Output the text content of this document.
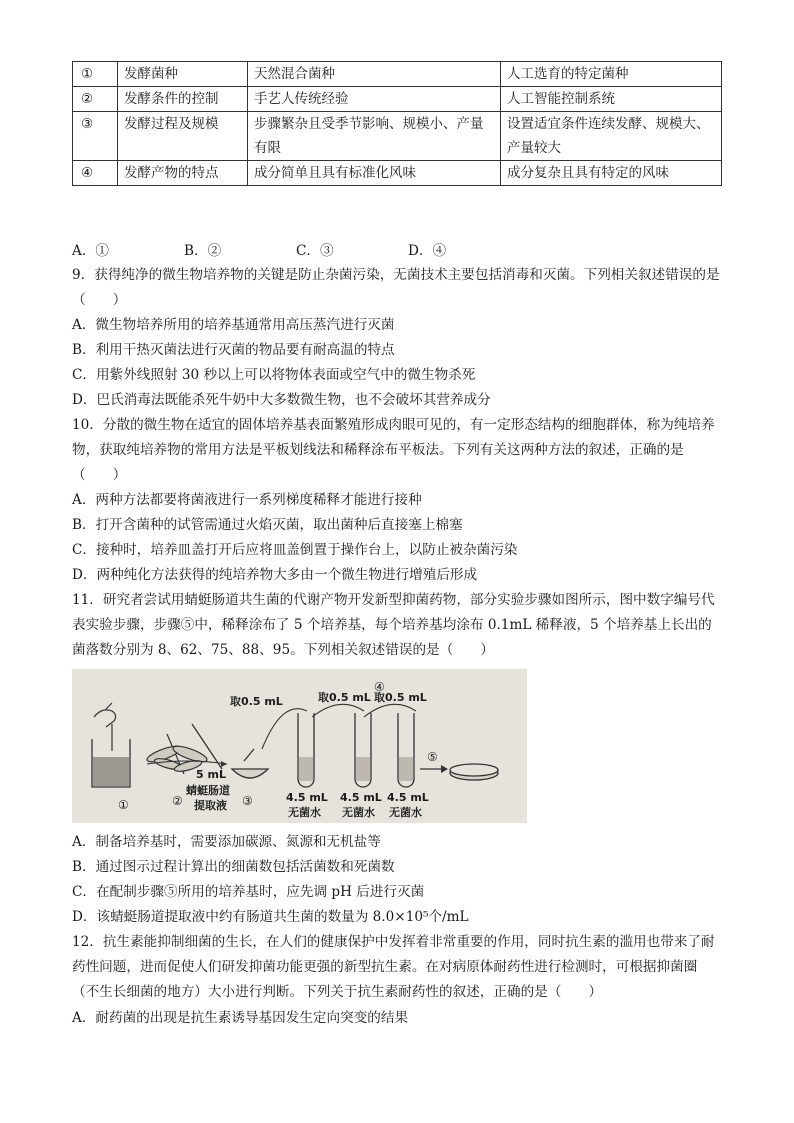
①	发酵菌种	天然混合菌种	人工选育的特定菌种
②	发酵条件的控制	手艺人传统经验	人工智能控制系统
③	发酵过程及规模	步骤繁杂且受季节影响、规模小、产量有限	设置适宜条件连续发酵、规模大、产量较大
④	发酵产物的特点	成分简单且具有标准化风味	成分复杂且具有特定的风味
A．①	B．②	C．③	D．④
9．获得纯净的微生物培养物的关键是防止杂菌污染，无菌技术主要包括消毒和灭菌。下列相关叙述错误的是（　　）
A．微生物培养所用的培养基通常用高压蒸汽进行灭菌
B．利用干热灭菌法进行灭菌的物品要有耐高温的特点
C．用紫外线照射 30 秒以上可以将物体表面或空气中的微生物杀死
D．巴氏消毒法既能杀死牛奶中大多数微生物，也不会破坏其营养成分
10．分散的微生物在适宜的固体培养基表面繁殖形成肉眼可见的，有一定形态结构的细胞群体，称为纯培养物，获取纯培养物的常用方法是平板划线法和稀释涂布平板法。下列有关这两种方法的叙述，正确的是（　　）
A．两种方法都要将菌液进行一系列梯度稀释才能进行接种
B．打开含菌种的试管需通过火焰灭菌，取出菌种后直接塞上棉塞
C．接种时，培养皿盖打开后应将皿盖倒置于操作台上，以防止被杂菌污染
D．两种纯化方法获得的纯培养物大多由一个微生物进行增殖后形成
11．研究者尝试用蜻蜓肠道共生菌的代谢产物开发新型抑菌药物，部分实验步骤如图所示，图中数字编号代表实验步骤，步骤⑤中，稀释涂布了 5 个培养基，每个培养基均涂布 0.1mL 稀释液，5 个培养基上长出的菌落数分别为 8、62、75、88、95。下列相关叙述错误的是（　　）
①	②	③
④
⑤
5 mL
蜻蜓肠道
提取液
取0.5 mL	取0.5 mL 取0.5 mL
4.5 mL 4.5 mL 4.5 mL
无菌水 无菌水 无菌水
A．制备培养基时，需要添加碳源、氮源和无机盐等
B．通过图示过程计算出的细菌数包括活菌数和死菌数
C．在配制步骤⑤所用的培养基时，应先调 pH 后进行灭菌
D．该蜻蜓肠道提取液中约有肠道共生菌的数量为 8.0×10⁵个/mL
12．抗生素能抑制细菌的生长，在人们的健康保护中发挥着非常重要的作用，同时抗生素的滥用也带来了耐药性问题，进而促使人们研发抑菌功能更强的新型抗生素。在对病原体耐药性进行检测时，可根据抑菌圈（不生长细菌的地方）大小进行判断。下列关于抗生素耐药性的叙述，正确的是（　　）
A．耐药菌的出现是抗生素诱导基因发生定向突变的结果
